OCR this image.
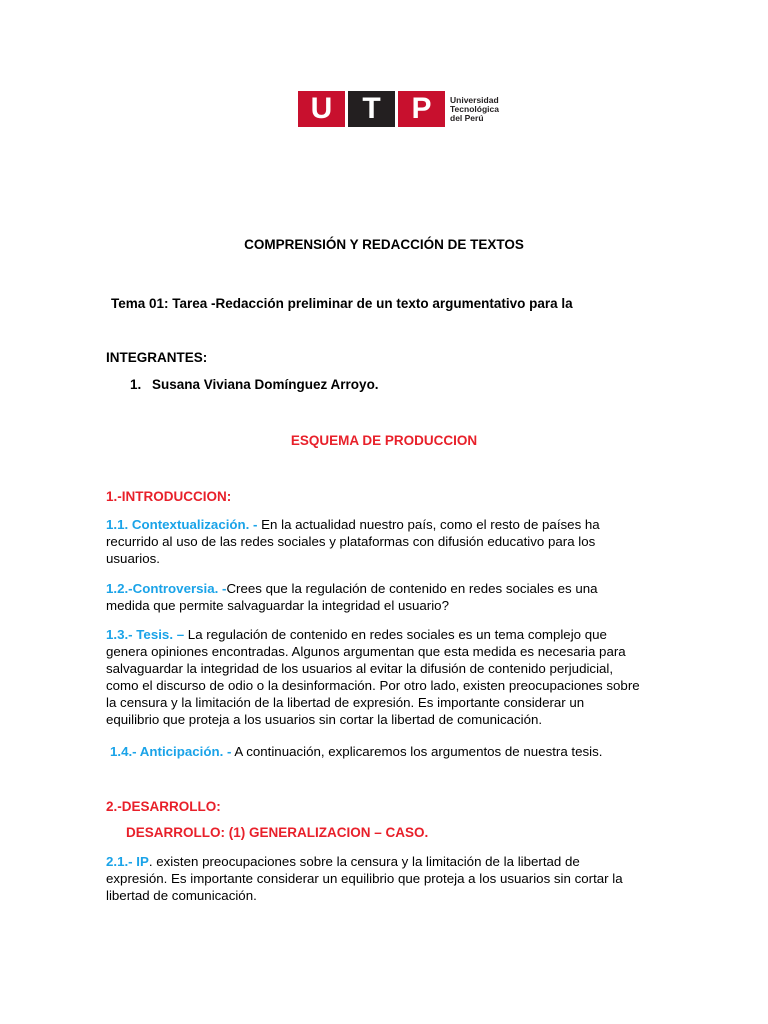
U	T	P	Universidad
Tecnológica
del Perú
COMPRENSIÓN Y REDACCIÓN DE TEXTOS
Tema 01: Tarea -Redacción preliminar de un texto argumentativo para la
INTEGRANTES:
1. Susana Viviana Domínguez Arroyo.
ESQUEMA DE PRODUCCION
1.-INTRODUCCION:
1.1. Contextualización. - En la actualidad nuestro país, como el resto de países ha
recurrido al uso de las redes sociales y plataformas con difusión educativo para los
usuarios.
1.2.-Controversia. -Crees que la regulación de contenido en redes sociales es una
medida que permite salvaguardar la integridad el usuario?
1.3.- Tesis. – La regulación de contenido en redes sociales es un tema complejo que
genera opiniones encontradas. Algunos argumentan que esta medida es necesaria para
salvaguardar la integridad de los usuarios al evitar la difusión de contenido perjudicial,
como el discurso de odio o la desinformación. Por otro lado, existen preocupaciones sobre
la censura y la limitación de la libertad de expresión. Es importante considerar un
equilibrio que proteja a los usuarios sin cortar la libertad de comunicación.
1.4.- Anticipación. - A continuación, explicaremos los argumentos de nuestra tesis.
2.-DESARROLLO:
DESARROLLO: (1) GENERALIZACION – CASO.
2.1.- IP. existen preocupaciones sobre la censura y la limitación de la libertad de
expresión. Es importante considerar un equilibrio que proteja a los usuarios sin cortar la
libertad de comunicación.
